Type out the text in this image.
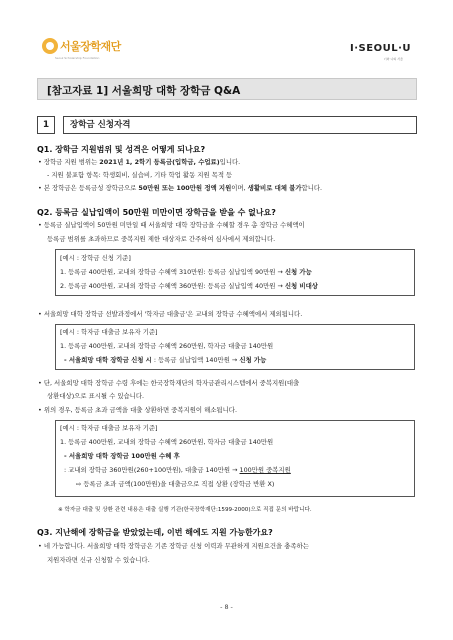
서울장학재단
Seoul Scholarship Foundation
I·SEOUL·U
너와 나의 서울
[참고자료 1] 서울희망 대학 장학금 Q&A
1	장학금 신청자격
Q1. 장학금 지원범위 및 성격은 어떻게 되나요?
• 장학금 지원 범위는 2021년 1, 2학기 등록금(입학금, 수업료)입니다.
- 지원 불포함 항목: 학생회비, 실습비, 기타 학업 활동 지원 목적 등
• 본 장학금은 등록금성 장학금으로 50만원 또는 100만원 정액 지원이며, 생활비로 대체 불가합니다.
Q2. 등록금 실납입액이 50만원 미만이면 장학금을 받을 수 없나요?
• 등록금 실납입액이 50만원 미만일 때 서울희망 대학 장학금을 수혜할 경우 총 장학금 수혜액이
등록금 범위를 초과하므로 중복지원 제한 대상자로 간주하여 심사에서 제외합니다.
[예시 : 장학금 신청 기준]
1. 등록금 400만원, 교내외 장학금 수혜액 310만원: 등록금 실납입액 90만원 → 신청 가능
2. 등록금 400만원, 교내외 장학금 수혜액 360만원: 등록금 실납입액 40만원 → 신청 비대상
• 서울희망 대학 장학금 선발과정에서 '학자금 대출금'은 교내외 장학금 수혜액에서 제외됩니다.
[예시 : 학자금 대출금 보유자 기준]
1. 등록금 400만원, 교내외 장학금 수혜액 260만원, 학자금 대출금 140만원
- 서울희망 대학 장학금 신청 시 : 등록금 실납입액 140만원 → 신청 가능
• 단, 서울희망 대학 장학금 수령 후에는 한국장학재단의 학자금관리시스템에서 중복지원(대출
상환대상)으로 표시될 수 있습니다.
• 위의 경우, 등록금 초과 금액을 대출 상환하면 중복지원이 해소됩니다.
[예시 : 학자금 대출금 보유자 기준]
1. 등록금 400만원, 교내외 장학금 수혜액 260만원, 학자금 대출금 140만원
- 서울희망 대학 장학금 100만원 수혜 후
: 교내외 장학금 360만원(260+100만원), 대출금 140만원 → 100만원 중복지원
⇨ 등록금 초과 금액(100만원)을 대출금으로 직접 상환 (장학금 반환 X)
※ 학자금 대출 및 상환 관련 내용은 대출 실행 기관(한국장학재단:1599-2000)으로 직접 문의 바랍니다.
Q3. 지난해에 장학금을 받았었는데, 이번 해에도 지원 가능한가요?
• 네 가능합니다. 서울희망 대학 장학금은 기존 장학금 신청 이력과 무관하게 지원요건을 충족하는
지원자라면 신규 신청할 수 있습니다.
- 8 -
